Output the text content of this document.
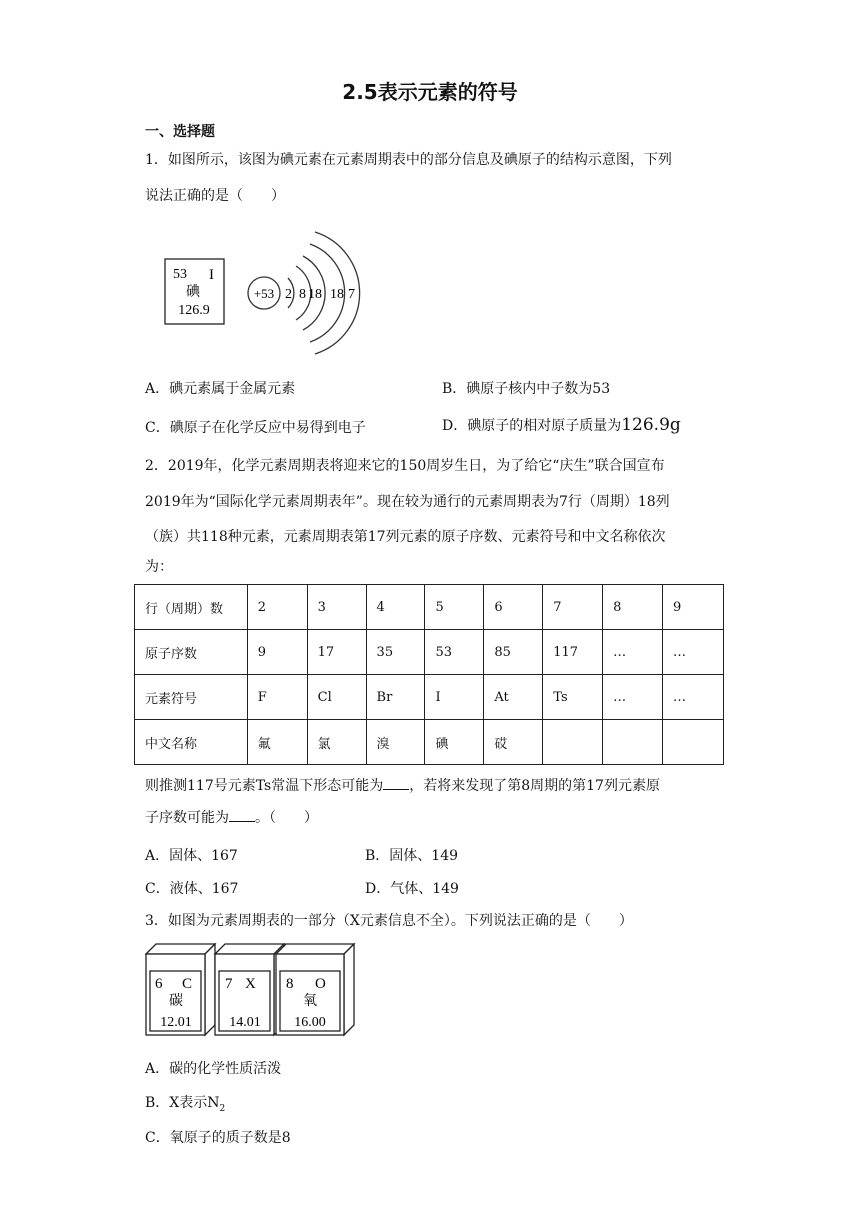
2.5表示元素的符号
一、选择题
1．如图所示，该图为碘元素在元素周期表中的部分信息及碘原子的结构示意图，下列
说法正确的是（　　）
53 I
碘
126.9
+53 2 8 18 18 7
A．碘元素属于金属元素	B．碘原子核内中子数为53
C．碘原子在化学反应中易得到电子	D．碘原子的相对原子质量为126.9g
2．2019年，化学元素周期表将迎来它的150周岁生日，为了给它“庆生”联合国宣布
2019年为“国际化学元素周期表年”。现在较为通行的元素周期表为7行（周期）18列
（族）共118种元素，元素周期表第17列元素的原子序数、元素符号和中文名称依次
为：
行（周期）数	2	3	4	5	6	7	8	9
原子序数	9	17	35	53	85	117	…	…
元素符号	F	Cl	Br	I	At	Ts	…	…
中文名称	氟	氯	溴	碘	砹			
则推测117号元素Ts常温下形态可能为 ，若将来发现了第8周期的第17列元素原
子序数可能为 。（　　）
A．固体、167	B．固体、149
C．液体、167	D．气体、149
3．如图为元素周期表的一部分（X元素信息不全）。下列说法正确的是（　　）
6 C
碳
12.01
7 X
14.01
8 O
氧
16.00
A．碳的化学性质活泼
B．X表示$N_2$
C．氧原子的质子数是8
